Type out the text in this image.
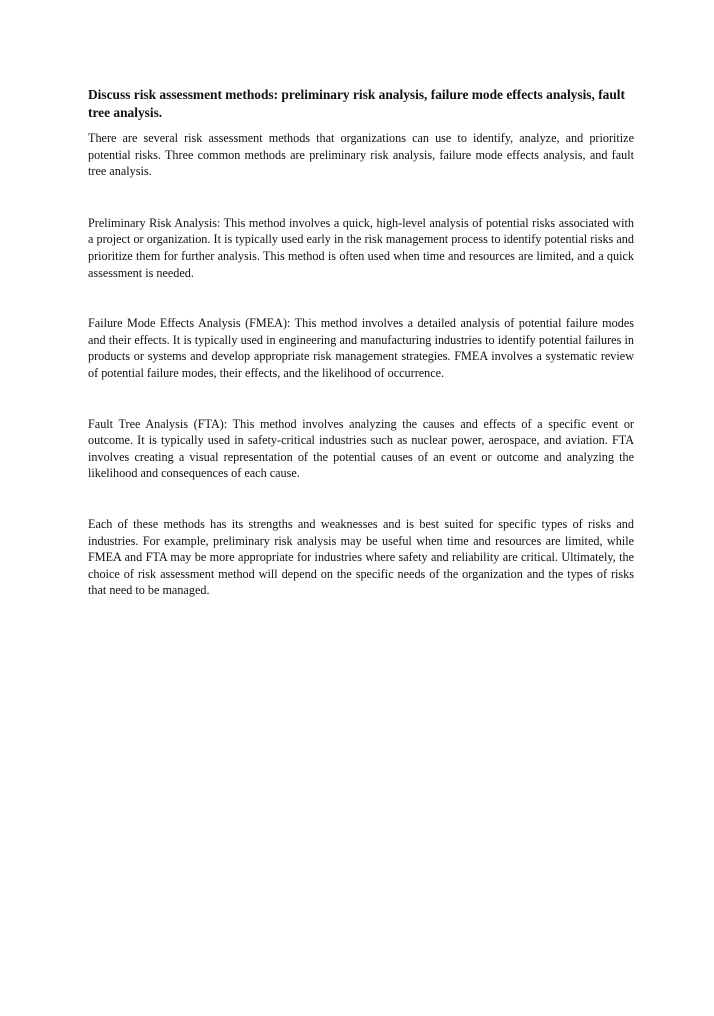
Discuss risk assessment methods: preliminary risk analysis, failure mode effects analysis, fault tree analysis.

There are several risk assessment methods that organizations can use to identify, analyze, and prioritize potential risks. Three common methods are preliminary risk analysis, failure mode effects analysis, and fault tree analysis.

Preliminary Risk Analysis: This method involves a quick, high-level analysis of potential risks associated with a project or organization. It is typically used early in the risk management process to identify potential risks and prioritize them for further analysis. This method is often used when time and resources are limited, and a quick assessment is needed.

Failure Mode Effects Analysis (FMEA): This method involves a detailed analysis of potential failure modes and their effects. It is typically used in engineering and manufacturing industries to identify potential failures in products or systems and develop appropriate risk management strategies. FMEA involves a systematic review of potential failure modes, their effects, and the likelihood of occurrence.

Fault Tree Analysis (FTA): This method involves analyzing the causes and effects of a specific event or outcome. It is typically used in safety-critical industries such as nuclear power, aerospace, and aviation. FTA involves creating a visual representation of the potential causes of an event or outcome and analyzing the likelihood and consequences of each cause.

Each of these methods has its strengths and weaknesses and is best suited for specific types of risks and industries. For example, preliminary risk analysis may be useful when time and resources are limited, while FMEA and FTA may be more appropriate for industries where safety and reliability are critical. Ultimately, the choice of risk assessment method will depend on the specific needs of the organization and the types of risks that need to be managed.
